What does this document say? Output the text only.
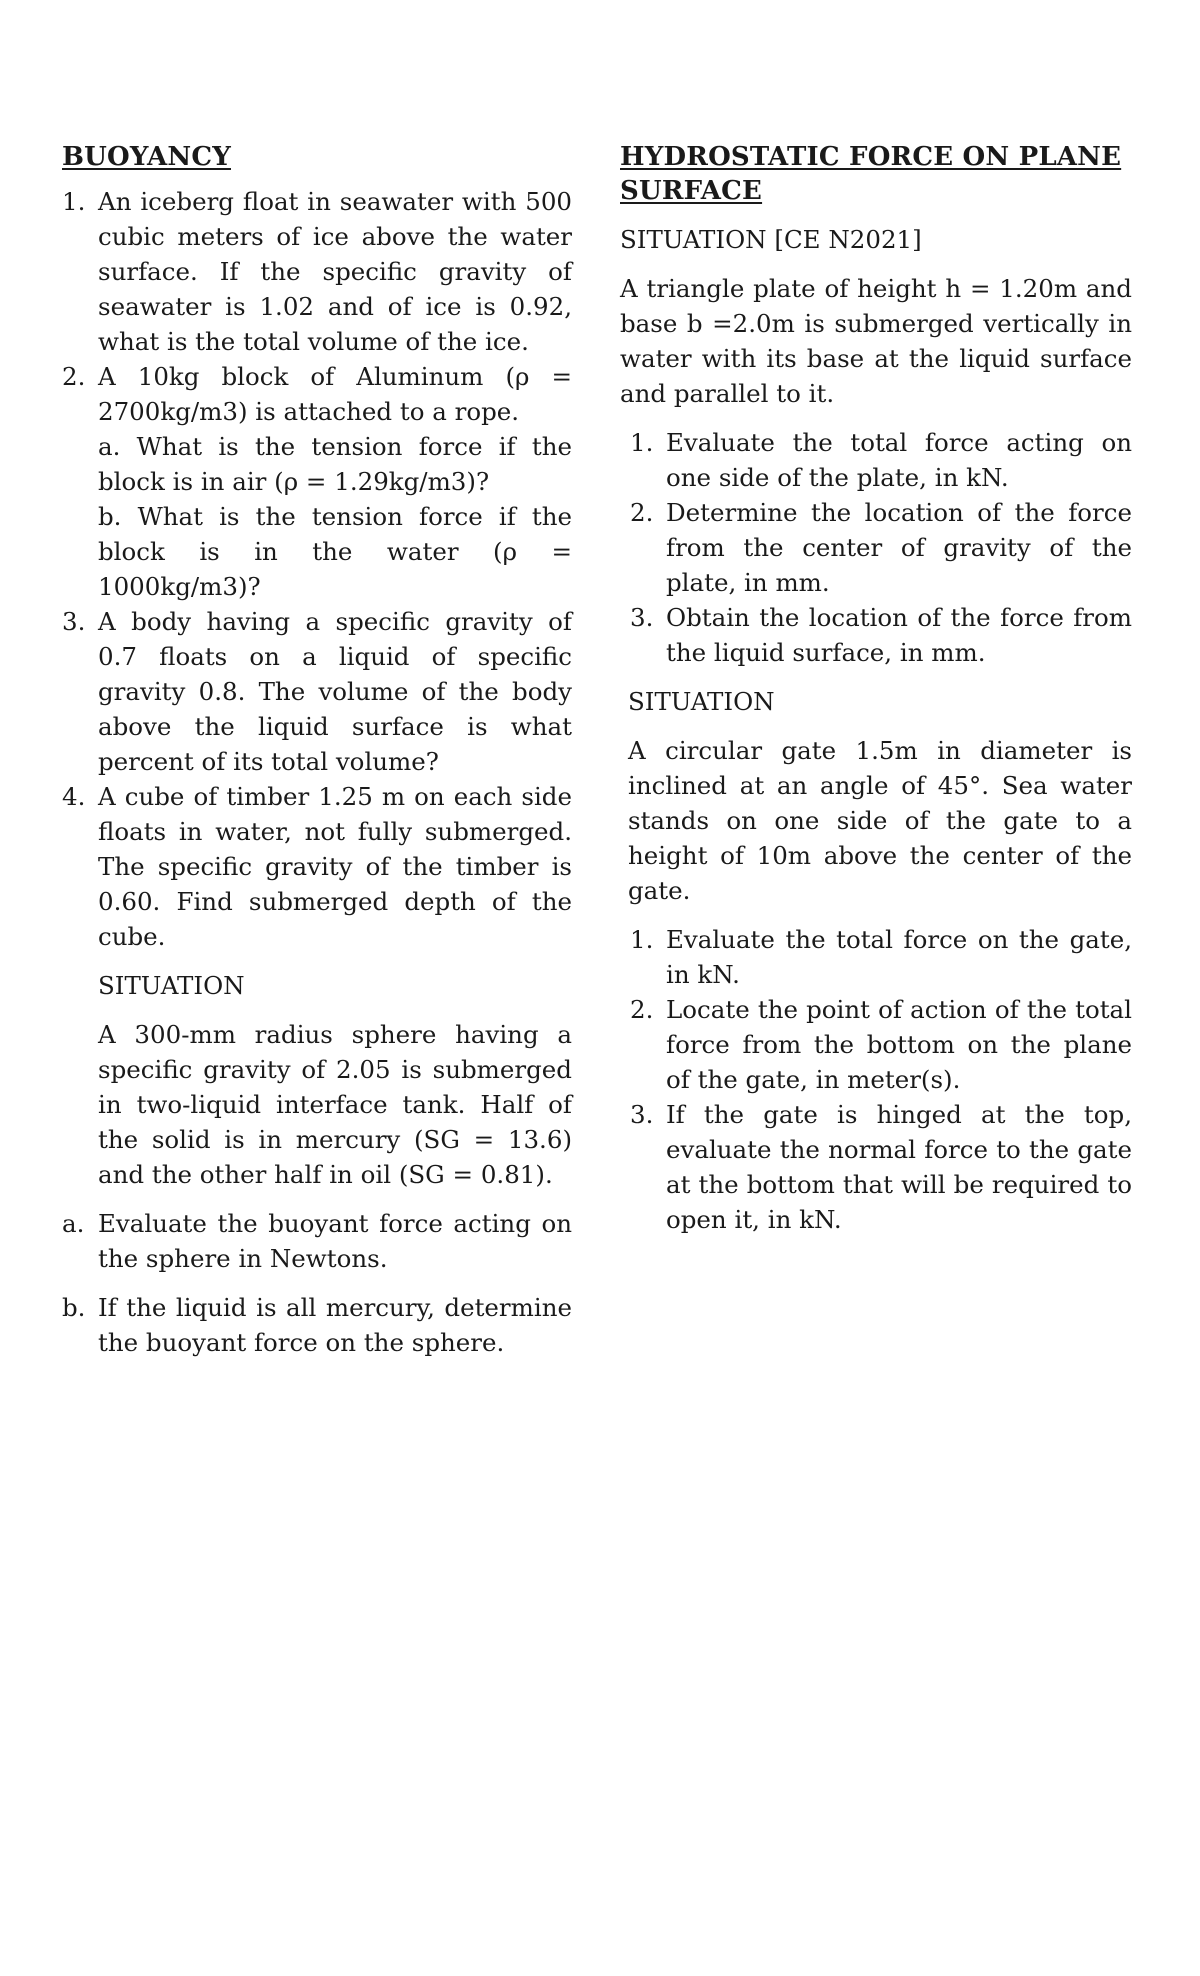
BUOYANCY
1. An iceberg float in seawater with 500 cubic meters of ice above the water surface. If the specific gravity of seawater is 1.02 and of ice is 0.92, what is the total volume of the ice.
2. A 10kg block of Aluminum (ρ = 2700kg/m3) is attached to a rope.
a. What is the tension force if the block is in air (ρ = 1.29kg/m3)?
b. What is the tension force if the block is in the water (ρ = 1000kg/m3)?
3. A body having a specific gravity of 0.7 floats on a liquid of specific gravity 0.8. The volume of the body above the liquid surface is what percent of its total volume?
4. A cube of timber 1.25 m on each side floats in water, not fully submerged. The specific gravity of the timber is 0.60. Find submerged depth of the cube.

SITUATION

A 300-mm radius sphere having a specific gravity of 2.05 is submerged in two-liquid interface tank. Half of the solid is in mercury (SG = 13.6) and the other half in oil (SG = 0.81).

a. Evaluate the buoyant force acting on the sphere in Newtons.
b. If the liquid is all mercury, determine the buoyant force on the sphere.
HYDROSTATIC FORCE ON PLANE SURFACE

SITUATION [CE N2021]

A triangle plate of height h = 1.20m and base b =2.0m is submerged vertically in water with its base at the liquid surface and parallel to it.

1. Evaluate the total force acting on one side of the plate, in kN.
2. Determine the location of the force from the center of gravity of the plate, in mm.
3. Obtain the location of the force from the liquid surface, in mm.

SITUATION

A circular gate 1.5m in diameter is inclined at an angle of 45°. Sea water stands on one side of the gate to a height of 10m above the center of the gate.

1. Evaluate the total force on the gate, in kN.
2. Locate the point of action of the total force from the bottom on the plane of the gate, in meter(s).
3. If the gate is hinged at the top, evaluate the normal force to the gate at the bottom that will be required to open it, in kN.
